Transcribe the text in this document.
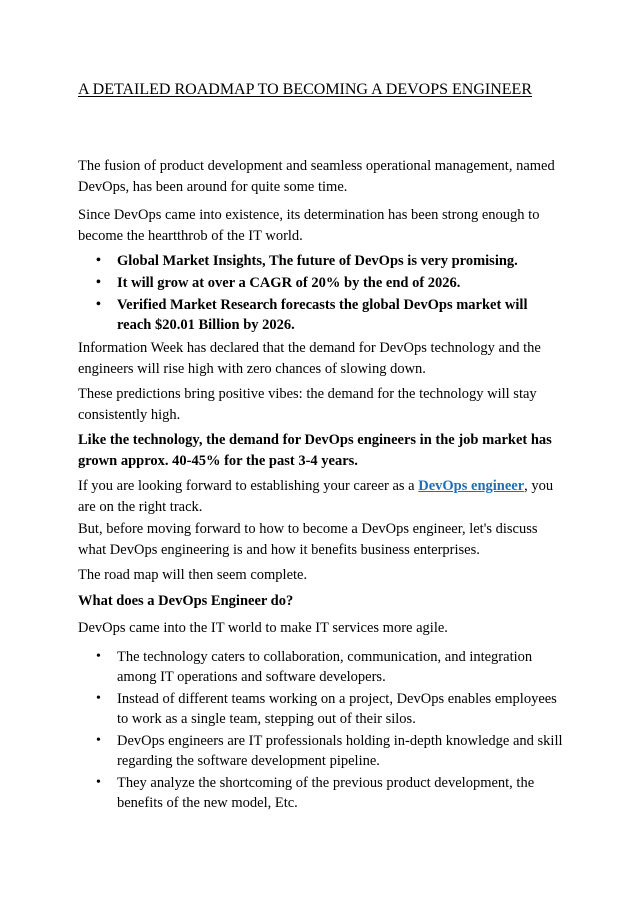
A DETAILED ROADMAP TO BECOMING A DEVOPS ENGINEER

The fusion of product development and seamless operational management, named DevOps, has been around for quite some time.

Since DevOps came into existence, its determination has been strong enough to become the heartthrob of the IT world.

• Global Market Insights, The future of DevOps is very promising.
• It will grow at over a CAGR of 20% by the end of 2026.
• Verified Market Research forecasts the global DevOps market will reach $20.01 Billion by 2026.

Information Week has declared that the demand for DevOps technology and the engineers will rise high with zero chances of slowing down.

These predictions bring positive vibes: the demand for the technology will stay consistently high.

Like the technology, the demand for DevOps engineers in the job market has grown approx. 40-45% for the past 3-4 years.

If you are looking forward to establishing your career as a DevOps engineer, you are on the right track.

But, before moving forward to how to become a DevOps engineer, let's discuss what DevOps engineering is and how it benefits business enterprises.

The road map will then seem complete.

What does a DevOps Engineer do?

DevOps came into the IT world to make IT services more agile.

• The technology caters to collaboration, communication, and integration among IT operations and software developers.
• Instead of different teams working on a project, DevOps enables employees to work as a single team, stepping out of their silos.
• DevOps engineers are IT professionals holding in-depth knowledge and skill regarding the software development pipeline.
• They analyze the shortcoming of the previous product development, the benefits of the new model, Etc.
